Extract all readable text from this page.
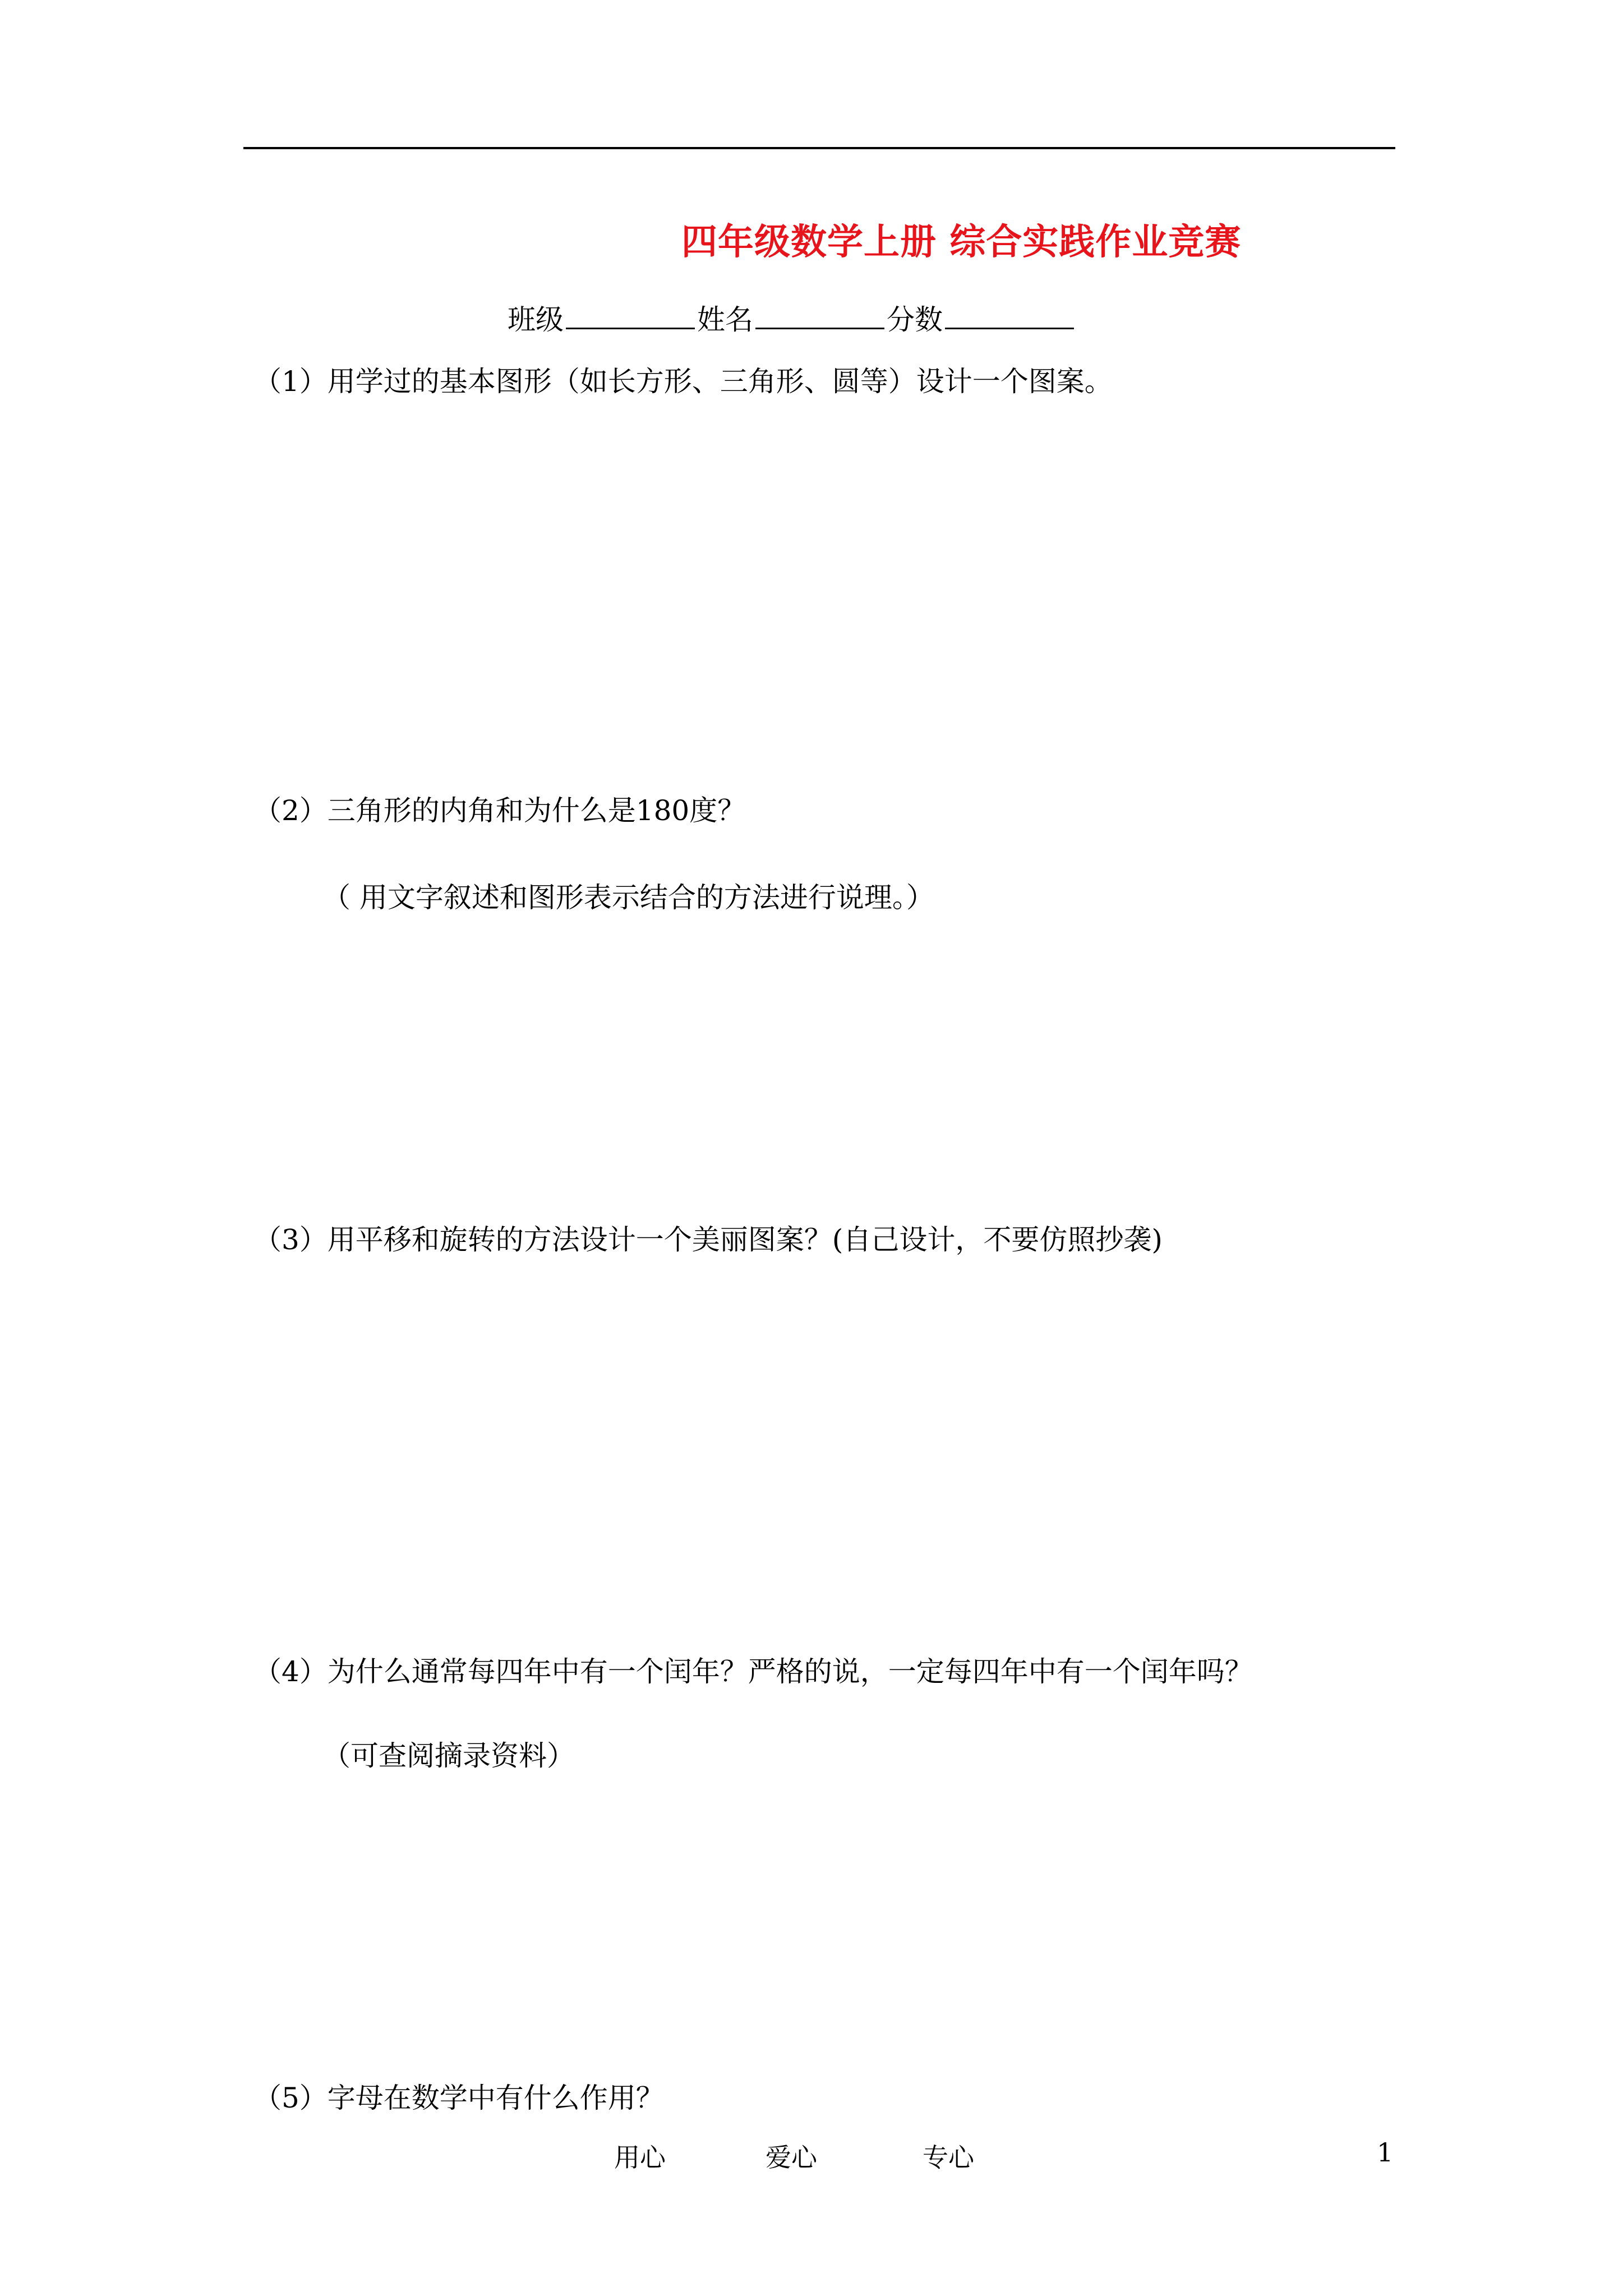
四年级数学上册 综合实践作业竞赛
班级	姓名	分数
（1）用学过的基本图形（如长方形、三角形、圆等）设计一个图案。
（2）三角形的内角和为什么是180度？
（ 用文字叙述和图形表示结合的方法进行说理。）
（3）用平移和旋转的方法设计一个美丽图案？(自己设计，不要仿照抄袭)
（4）为什么通常每四年中有一个闰年？严格的说，一定每四年中有一个闰年吗？
（可查阅摘录资料）
（5）字母在数学中有什么作用？
用心	爱心	专心	1
